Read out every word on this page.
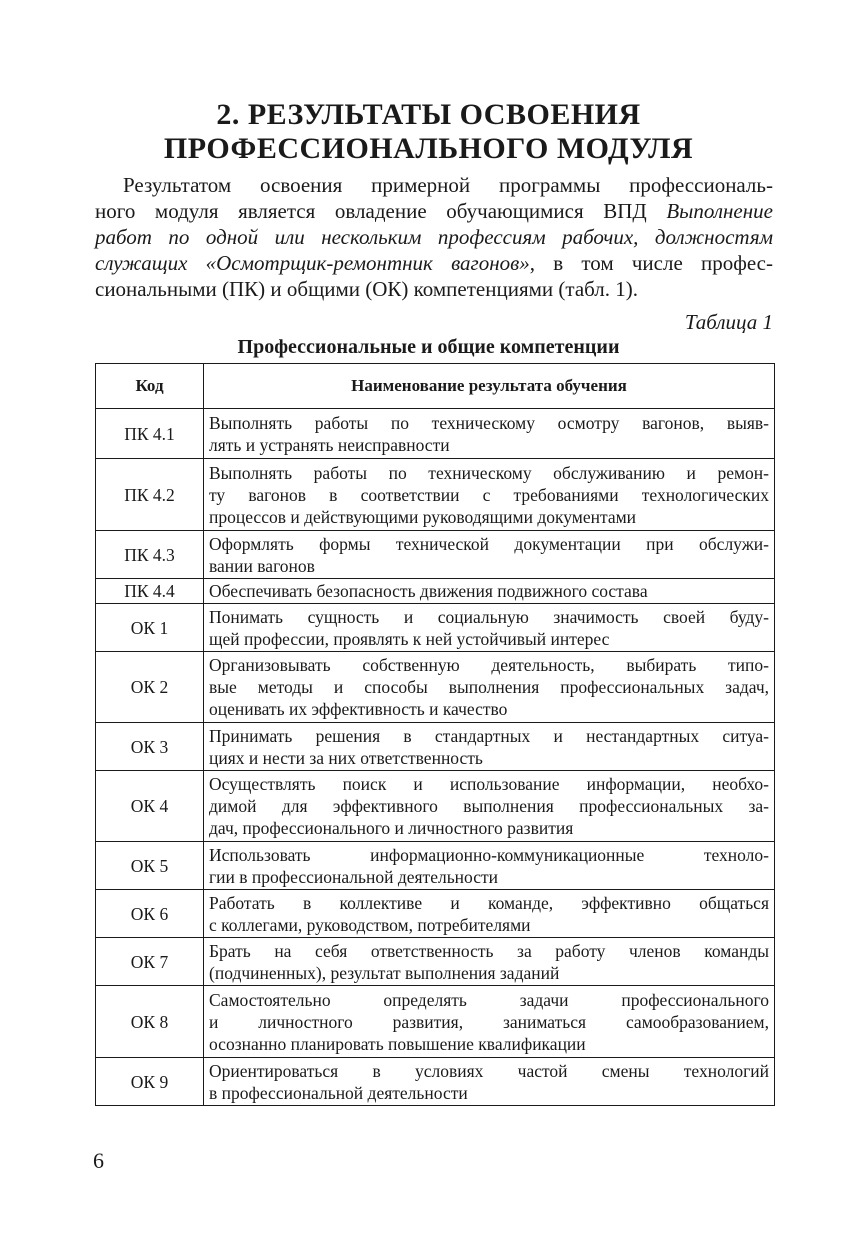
2. РЕЗУЛЬТАТЫ ОСВОЕНИЯ
ПРОФЕССИОНАЛЬНОГО МОДУЛЯ
Результатом освоения примерной программы профессиональ-
ного модуля является овладение обучающимися ВПД Выполнение
работ по одной или нескольким профессиям рабочих, должностям
служащих «Осмотрщик-ремонтник вагонов», в том числе профес-
сиональными (ПК) и общими (ОК) компетенциями (табл. 1).
Таблица 1
Профессиональные и общие компетенции
Код	Наименование результата обучения
ПК 4.1	Выполнять работы по техническому осмотру вагонов, выяв-
лять и устранять неисправности

ПК 4.2	Выполнять работы по техническому обслуживанию и ремон-
ту вагонов в соответствии с требованиями технологических
процессов и действующими руководящими документами

ПК 4.3	Оформлять формы технической документации при обслужи-
вании вагонов

ПК 4.4	Обеспечивать безопасность движения подвижного состава

ОК 1	Понимать сущность и социальную значимость своей буду-
щей профессии, проявлять к ней устойчивый интерес

ОК 2	Организовывать собственную деятельность, выбирать типо-
вые методы и способы выполнения профессиональных задач,
оценивать их эффективность и качество

ОК 3	Принимать решения в стандартных и нестандартных ситуа-
циях и нести за них ответственность

ОК 4	Осуществлять поиск и использование информации, необхо-
димой для эффективного выполнения профессиональных за-
дач, профессионального и личностного развития

ОК 5	Использовать информационно-коммуникационные техноло-
гии в профессиональной деятельности

ОК 6	Работать в коллективе и команде, эффективно общаться
с коллегами, руководством, потребителями

ОК 7	Брать на себя ответственность за работу членов команды
(подчиненных), результат выполнения заданий

ОК 8	Самостоятельно определять задачи профессионального
и личностного развития, заниматься самообразованием,
осознанно планировать повышение квалификации

ОК 9	Ориентироваться в условиях частой смены технологий
в профессиональной деятельности
6
